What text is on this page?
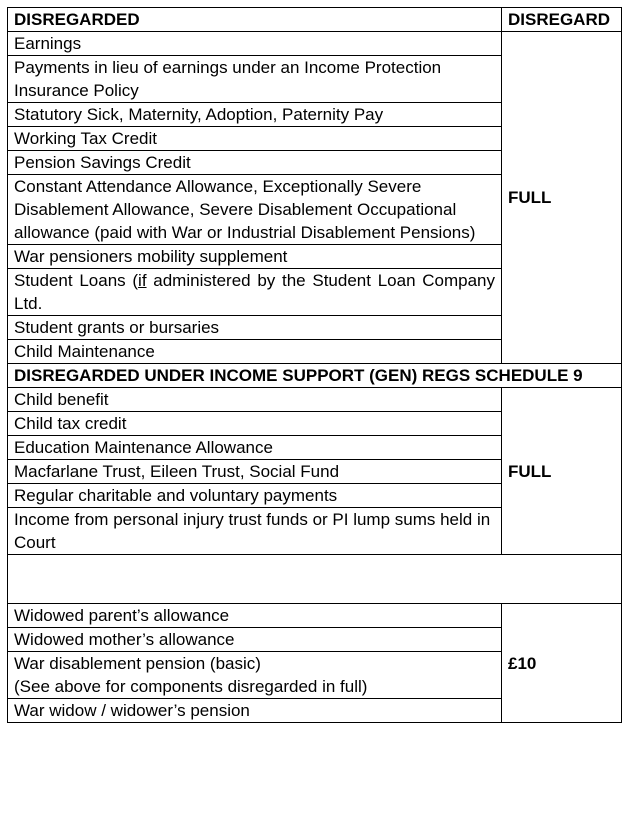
DISREGARDED	DISREGARD
Earnings	FULL
Payments in lieu of earnings under an Income Protection Insurance Policy	
Statutory Sick, Maternity, Adoption, Paternity Pay	
Working Tax Credit	
Pension Savings Credit	
Constant Attendance Allowance, Exceptionally Severe Disablement Allowance, Severe Disablement Occupational allowance (paid with War or Industrial Disablement Pensions)	
War pensioners mobility supplement	
Student Loans (if administered by the Student Loan Company Ltd.	
Student grants or bursaries	
Child Maintenance	
DISREGARDED UNDER INCOME SUPPORT (GEN) REGS SCHEDULE 9	
Child benefit	FULL
Child tax credit	
Education Maintenance Allowance	
Macfarlane Trust, Eileen Trust, Social Fund	
Regular charitable and voluntary payments	
Income from personal injury trust funds or PI lump sums held in Court	

Widowed parent’s allowance	£10
Widowed mother’s allowance	

War disablement pension (basic)
(See above for components disregarded in full)	

War widow / widower’s pension	
